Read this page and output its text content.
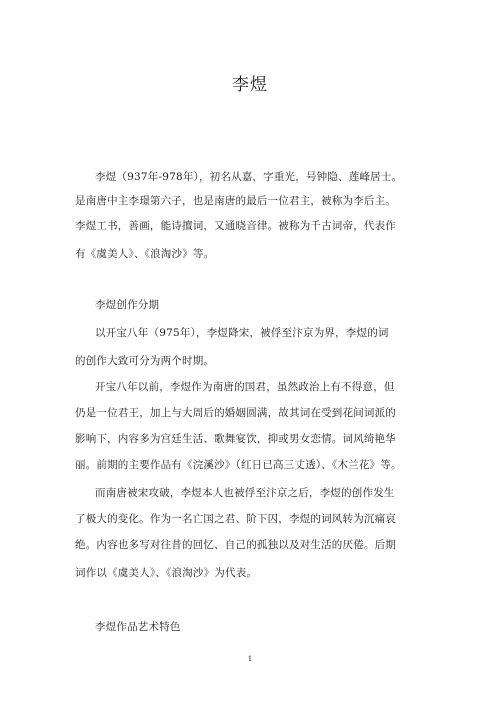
李煜
李煜（937年-978年），初名从嘉，字重光，号钟隐、莲峰居士。
是南唐中主李璟第六子，也是南唐的最后一位君主，被称为李后主。
李煜工书，善画，能诗擅词，又通晓音律。被称为千古词帝，代表作
有《虞美人》、《浪淘沙》等。
李煜创作分期
以开宝八年（975年），李煜降宋，被俘至汴京为界，李煜的词
的创作大致可分为两个时期。
开宝八年以前，李煜作为南唐的国君，虽然政治上有不得意，但
仍是一位君王，加上与大周后的婚姻圆满，故其词在受到花间词派的
影响下，内容多为宫廷生活、歌舞宴饮，抑或男女恋情。词风绮艳华
丽。前期的主要作品有《浣溪沙》（红日已高三丈透）、《木兰花》等。
而南唐被宋攻破，李煜本人也被俘至汴京之后，李煜的创作发生
了极大的变化。作为一名亡国之君、阶下囚，李煜的词风转为沉痛哀
绝。内容也多写对往昔的回忆、自己的孤独以及对生活的厌倦。后期
词作以《虞美人》、《浪淘沙》为代表。
李煜作品艺术特色
1
